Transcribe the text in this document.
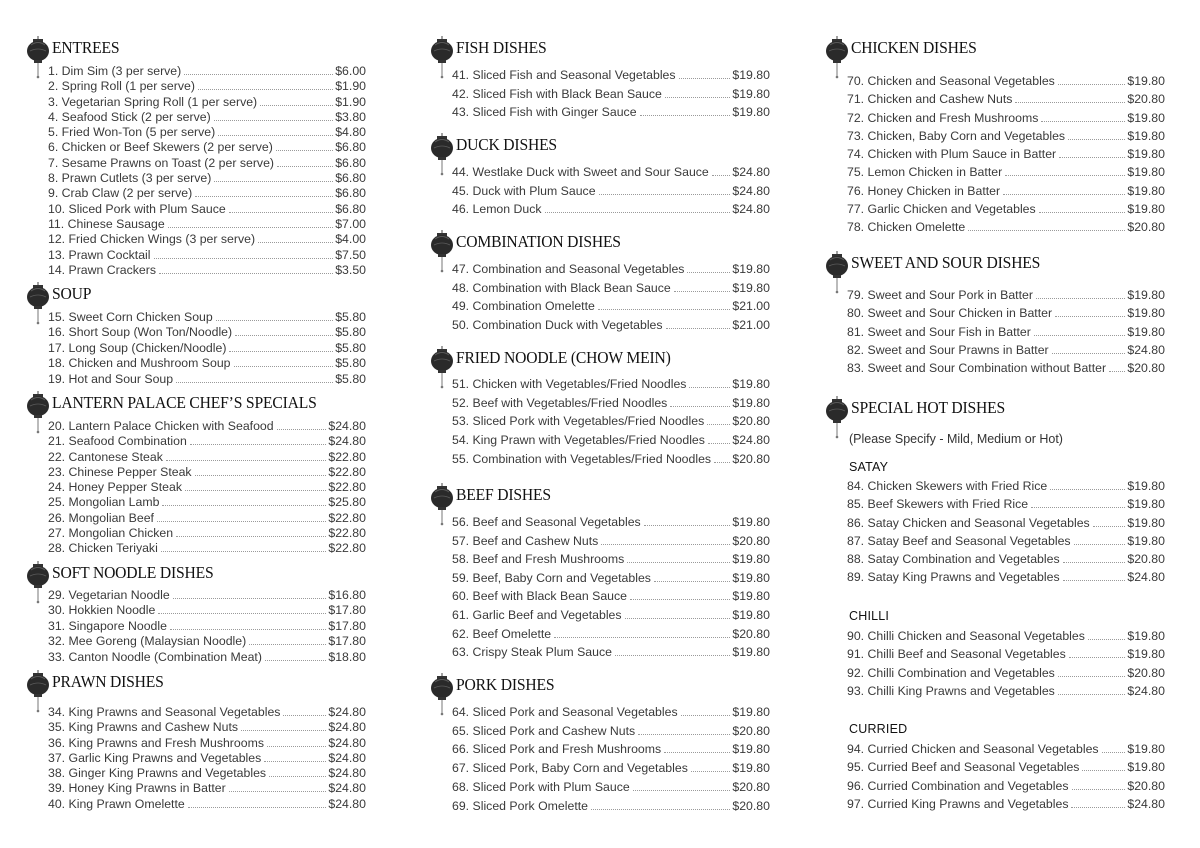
ENTREES
1. Dim Sim (3 per serve)	$6.00
2. Spring Roll (1 per serve)	$1.90
3. Vegetarian Spring Roll (1 per serve)	$1.90
4. Seafood Stick (2 per serve)	$3.80
5. Fried Won-Ton (5 per serve)	$4.80
6. Chicken or Beef Skewers (2 per serve)	$6.80
7. Sesame Prawns on Toast (2 per serve)	$6.80
8. Prawn Cutlets (3 per serve)	$6.80
9. Crab Claw (2 per serve)	$6.80
10. Sliced Pork with Plum Sauce	$6.80
11. Chinese Sausage	$7.00
12. Fried Chicken Wings (3 per serve)	$4.00
13. Prawn Cocktail	$7.50
14. Prawn Crackers	$3.50
SOUP
15. Sweet Corn Chicken Soup	$5.80
16. Short Soup (Won Ton/Noodle)	$5.80
17. Long Soup (Chicken/Noodle)	$5.80
18. Chicken and Mushroom Soup	$5.80
19. Hot and Sour Soup	$5.80
LANTERN PALACE CHEF’S SPECIALS
20. Lantern Palace Chicken with Seafood	$24.80
21. Seafood Combination	$24.80
22. Cantonese Steak	$22.80
23. Chinese Pepper Steak	$22.80
24. Honey Pepper Steak	$22.80
25. Mongolian Lamb	$25.80
26. Mongolian Beef	$22.80
27. Mongolian Chicken	$22.80
28. Chicken Teriyaki	$22.80
SOFT NOODLE DISHES
29. Vegetarian Noodle	$16.80
30. Hokkien Noodle	$17.80
31. Singapore Noodle	$17.80
32. Mee Goreng (Malaysian Noodle)	$17.80
33. Canton Noodle (Combination Meat)	$18.80
PRAWN DISHES
34. King Prawns and Seasonal Vegetables	$24.80
35. King Prawns and Cashew Nuts	$24.80
36. King Prawns and Fresh Mushrooms	$24.80
37. Garlic King Prawns and Vegetables	$24.80
38. Ginger King Prawns and Vegetables	$24.80
39. Honey King Prawns in Batter	$24.80
40. King Prawn Omelette	$24.80
FISH DISHES
41. Sliced Fish and Seasonal Vegetables	$19.80
42. Sliced Fish with Black Bean Sauce	$19.80
43. Sliced Fish with Ginger Sauce	$19.80
DUCK DISHES
44. Westlake Duck with Sweet and Sour Sauce $24.80
45. Duck with Plum Sauce	$24.80
46. Lemon Duck	$24.80
COMBINATION DISHES
47. Combination and Seasonal Vegetables	$19.80
48. Combination with Black Bean Sauce	$19.80
49. Combination Omelette	$21.00
50. Combination Duck with Vegetables	$21.00
FRIED NOODLE (CHOW MEIN)
51. Chicken with Vegetables/Fried Noodles	$19.80
52. Beef with Vegetables/Fried Noodles	$19.80
53. Sliced Pork with Vegetables/Fried Noodles $20.80
54. King Prawn with Vegetables/Fried Noodles $24.80
55. Combination with Vegetables/Fried Noodles $20.80
BEEF DISHES
56. Beef and Seasonal Vegetables	$19.80
57. Beef and Cashew Nuts	$20.80
58. Beef and Fresh Mushrooms	$19.80
59. Beef, Baby Corn and Vegetables	$19.80
60. Beef with Black Bean Sauce	$19.80
61. Garlic Beef and Vegetables	$19.80
62. Beef Omelette	$20.80
63. Crispy Steak Plum Sauce	$19.80
PORK DISHES
64. Sliced Pork and Seasonal Vegetables	$19.80
65. Sliced Pork and Cashew Nuts	$20.80
66. Sliced Pork and Fresh Mushrooms	$19.80
67. Sliced Pork, Baby Corn and Vegetables	$19.80
68. Sliced Pork with Plum Sauce	$20.80
69. Sliced Pork Omelette	$20.80
CHICKEN DISHES
70. Chicken and Seasonal Vegetables	$19.80
71. Chicken and Cashew Nuts	$20.80
72. Chicken and Fresh Mushrooms	$19.80
73. Chicken, Baby Corn and Vegetables	$19.80
74. Chicken with Plum Sauce in Batter	$19.80
75. Lemon Chicken in Batter	$19.80
76. Honey Chicken in Batter	$19.80
77. Garlic Chicken and Vegetables	$19.80
78. Chicken Omelette	$20.80
SWEET AND SOUR DISHES
79. Sweet and Sour Pork in Batter	$19.80
80. Sweet and Sour Chicken in Batter	$19.80
81. Sweet and Sour Fish in Batter	$19.80
82. Sweet and Sour Prawns in Batter	$24.80
83. Sweet and Sour Combination without Batter $20.80
SPECIAL HOT DISHES
(Please Specify - Mild, Medium or Hot)
SATAY
84. Chicken Skewers with Fried Rice	$19.80
85. Beef Skewers with Fried Rice	$19.80
86. Satay Chicken and Seasonal Vegetables	$19.80
87. Satay Beef and Seasonal Vegetables	$19.80
88. Satay Combination and Vegetables	$20.80
89. Satay King Prawns and Vegetables	$24.80
CHILLI
90. Chilli Chicken and Seasonal Vegetables	$19.80
91. Chilli Beef and Seasonal Vegetables	$19.80
92. Chilli Combination and Vegetables	$20.80
93. Chilli King Prawns and Vegetables	$24.80
CURRIED
94. Curried Chicken and Seasonal Vegetables $19.80
95. Curried Beef and Seasonal Vegetables	$19.80
96. Curried Combination and Vegetables	$20.80
97. Curried King Prawns and Vegetables	$24.80
